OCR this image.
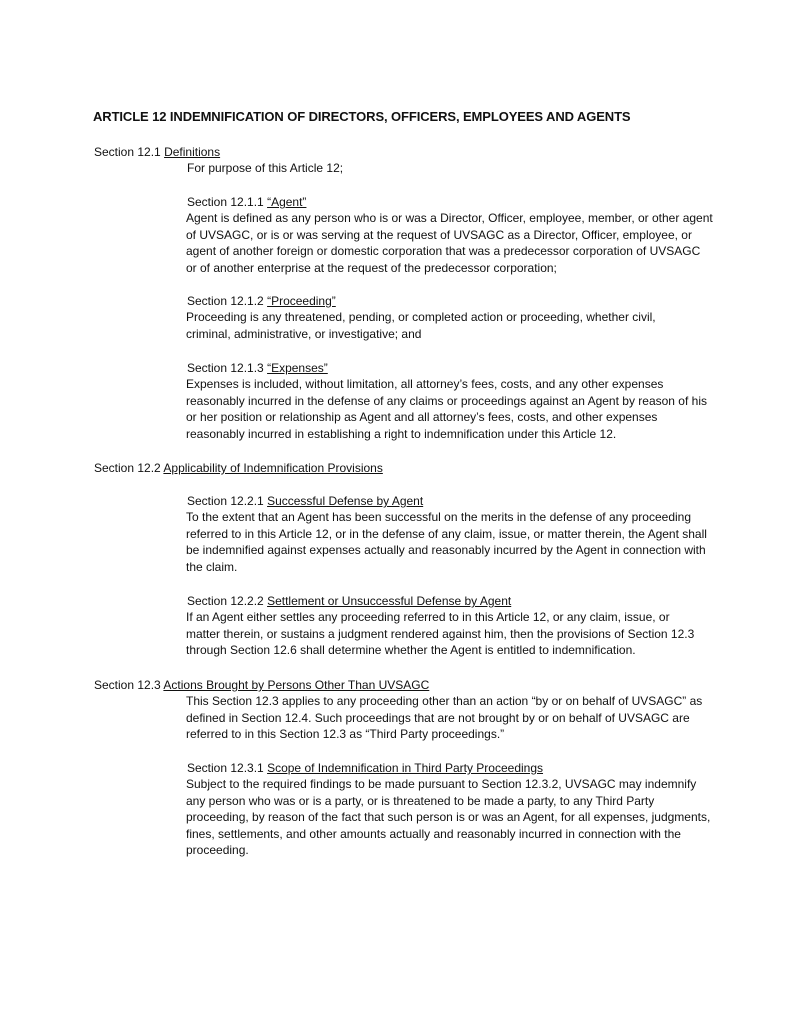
ARTICLE 12 INDEMNIFICATION OF DIRECTORS, OFFICERS, EMPLOYEES AND AGENTS
Section 12.1 Definitions
For purpose of this Article 12;
Section 12.1.1 “Agent”
Agent is defined as any person who is or was a Director, Officer, employee, member, or other agent
of UVSAGC, or is or was serving at the request of UVSAGC as a Director, Officer, employee, or
agent of another foreign or domestic corporation that was a predecessor corporation of UVSAGC
or of another enterprise at the request of the predecessor corporation;
Section 12.1.2 “Proceeding”
Proceeding is any threatened, pending, or completed action or proceeding, whether civil,
criminal, administrative, or investigative; and
Section 12.1.3 “Expenses”
Expenses is included, without limitation, all attorney’s fees, costs, and any other expenses
reasonably incurred in the defense of any claims or proceedings against an Agent by reason of his
or her position or relationship as Agent and all attorney’s fees, costs, and other expenses
reasonably incurred in establishing a right to indemnification under this Article 12.
Section 12.2 Applicability of Indemnification Provisions
Section 12.2.1 Successful Defense by Agent
To the extent that an Agent has been successful on the merits in the defense of any proceeding
referred to in this Article 12, or in the defense of any claim, issue, or matter therein, the Agent shall
be indemnified against expenses actually and reasonably incurred by the Agent in connection with
the claim.
Section 12.2.2 Settlement or Unsuccessful Defense by Agent
If an Agent either settles any proceeding referred to in this Article 12, or any claim, issue, or
matter therein, or sustains a judgment rendered against him, then the provisions of Section 12.3
through Section 12.6 shall determine whether the Agent is entitled to indemnification.
Section 12.3 Actions Brought by Persons Other Than UVSAGC
This Section 12.3 applies to any proceeding other than an action “by or on behalf of UVSAGC” as
defined in Section 12.4. Such proceedings that are not brought by or on behalf of UVSAGC are
referred to in this Section 12.3 as “Third Party proceedings.”
Section 12.3.1 Scope of Indemnification in Third Party Proceedings
Subject to the required findings to be made pursuant to Section 12.3.2, UVSAGC may indemnify
any person who was or is a party, or is threatened to be made a party, to any Third Party
proceeding, by reason of the fact that such person is or was an Agent, for all expenses, judgments,
fines, settlements, and other amounts actually and reasonably incurred in connection with the
proceeding.
